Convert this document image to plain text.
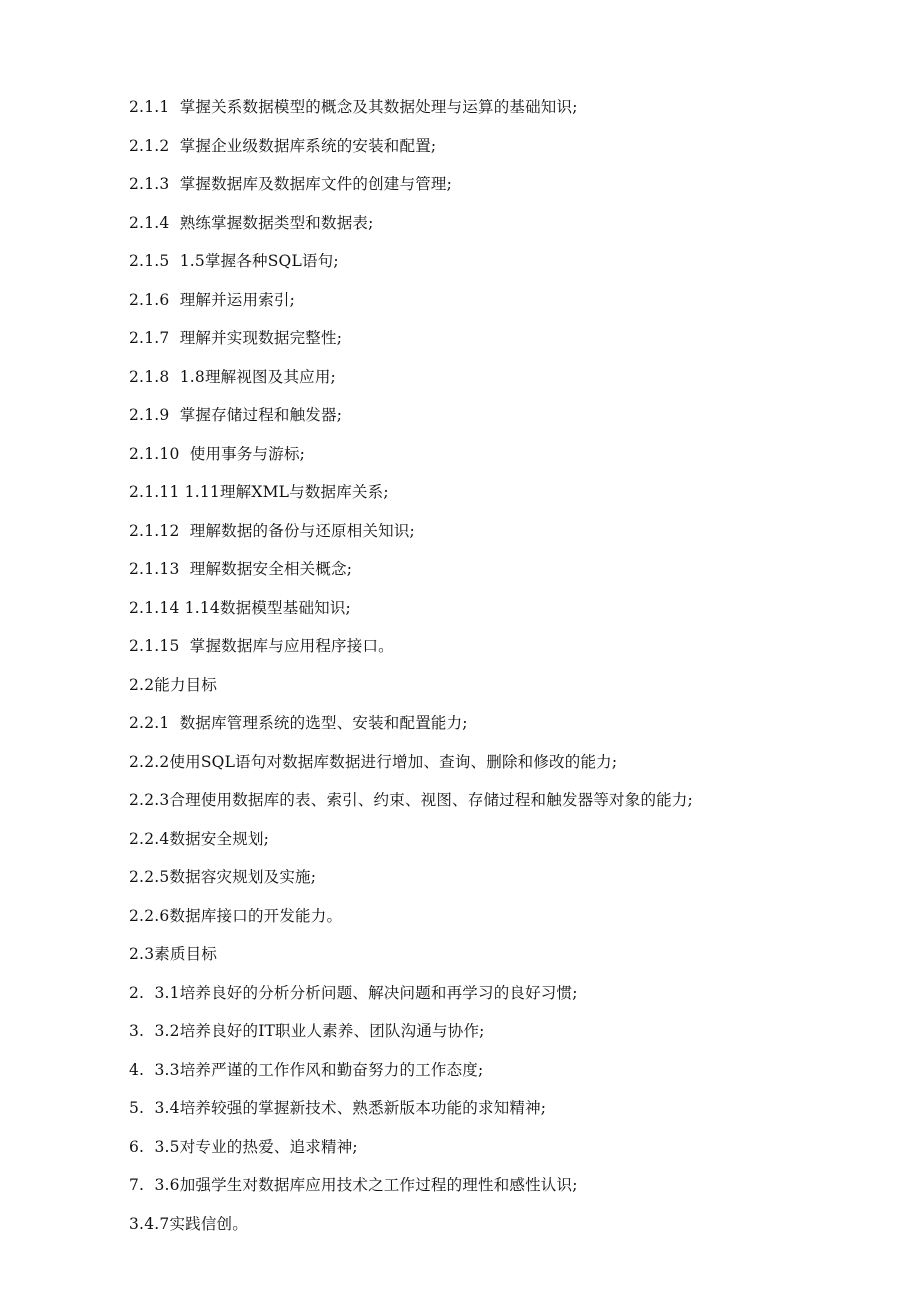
2.1.1  掌握关系数据模型的概念及其数据处理与运算的基础知识;
2.1.2  掌握企业级数据库系统的安装和配置;
2.1.3  掌握数据库及数据库文件的创建与管理;
2.1.4  熟练掌握数据类型和数据表;
2.1.5  1.5掌握各种SQL语句;
2.1.6  理解并运用索引;
2.1.7  理解并实现数据完整性;
2.1.8  1.8理解视图及其应用;
2.1.9  掌握存储过程和触发器;
2.1.10  使用事务与游标;
2.1.11 1.11理解XML与数据库关系;
2.1.12  理解数据的备份与还原相关知识;
2.1.13  理解数据安全相关概念;
2.1.14 1.14数据模型基础知识;
2.1.15  掌握数据库与应用程序接口。
2.2能力目标
2.2.1  数据库管理系统的选型、安装和配置能力;
2.2.2使用SQL语句对数据库数据进行增加、查询、删除和修改的能力;
2.2.3合理使用数据库的表、索引、约束、视图、存储过程和触发器等对象的能力;
2.2.4数据安全规划;
2.2.5数据容灾规划及实施;
2.2.6数据库接口的开发能力。
2.3素质目标
2.  3.1培养良好的分析分析问题、解决问题和再学习的良好习惯;
3.  3.2培养良好的IT职业人素养、团队沟通与协作;
4.  3.3培养严谨的工作作风和勤奋努力的工作态度;
5.  3.4培养较强的掌握新技术、熟悉新版本功能的求知精神;
6.  3.5对专业的热爱、追求精神;
7.  3.6加强学生对数据库应用技术之工作过程的理性和感性认识;
3.4.7实践信创。
